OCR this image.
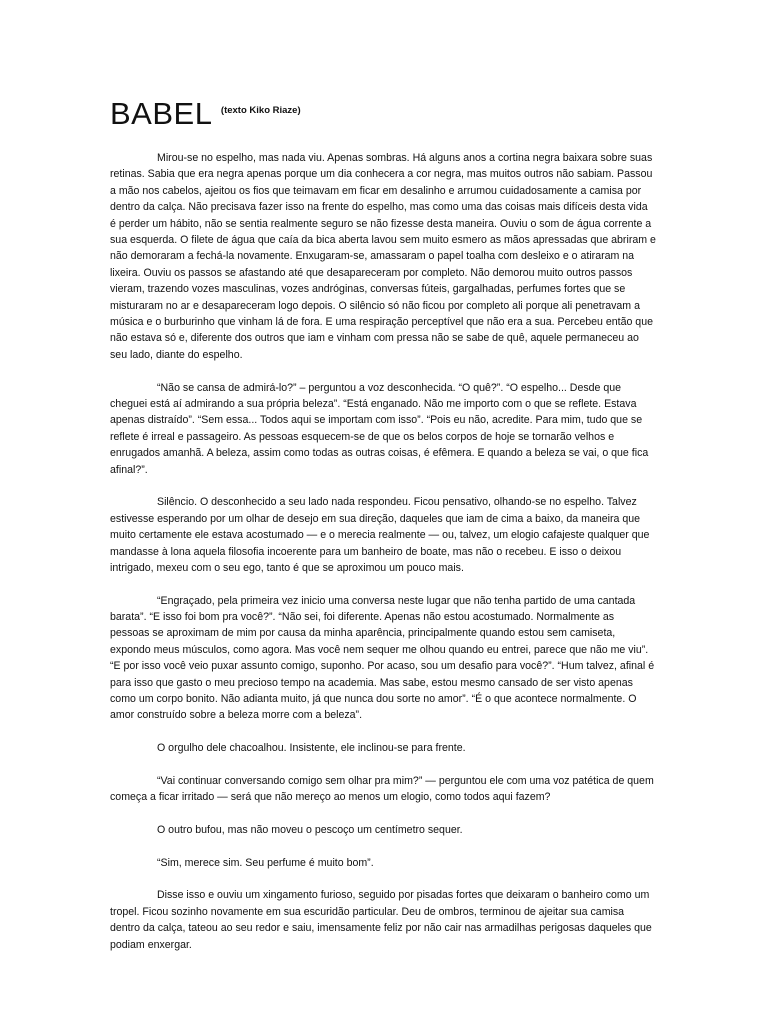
BABEL $^{(texto Kiko Riaze)}$

Mirou-se no espelho, mas nada viu. Apenas sombras. Há alguns anos a cortina negra baixara sobre suas retinas. Sabia que era negra apenas porque um dia conhecera a cor negra, mas muitos outros não sabiam. Passou a mão nos cabelos, ajeitou os fios que teimavam em ficar em desalinho e arrumou cuidadosamente a camisa por dentro da calça. Não precisava fazer isso na frente do espelho, mas como uma das coisas mais difíceis desta vida é perder um hábito, não se sentia realmente seguro se não fizesse desta maneira. Ouviu o som de água corrente a sua esquerda. O filete de água que caía da bica aberta lavou sem muito esmero as mãos apressadas que abriram e não demoraram a fechá-la novamente. Enxugaram-se, amassaram o papel toalha com desleixo e o atiraram na lixeira. Ouviu os passos se afastando até que desapareceram por completo. Não demorou muito outros passos vieram, trazendo vozes masculinas, vozes andróginas, conversas fúteis, gargalhadas, perfumes fortes que se misturaram no ar e desapareceram logo depois. O silêncio só não ficou por completo ali porque ali penetravam a música e o burburinho que vinham lá de fora. E uma respiração perceptível que não era a sua. Percebeu então que não estava só e, diferente dos outros que iam e vinham com pressa não se sabe de quê, aquele permaneceu ao seu lado, diante do espelho.

“Não se cansa de admirá-lo?” – perguntou a voz desconhecida. “O quê?”. “O espelho... Desde que cheguei está aí admirando a sua própria beleza”. “Está enganado. Não me importo com o que se reflete. Estava apenas distraído”. “Sem essa... Todos aqui se importam com isso”. “Pois eu não, acredite. Para mim, tudo que se reflete é irreal e passageiro. As pessoas esquecem-se de que os belos corpos de hoje se tornarão velhos e enrugados amanhã. A beleza, assim como todas as outras coisas, é efêmera. E quando a beleza se vai, o que fica afinal?”.

Silêncio. O desconhecido a seu lado nada respondeu. Ficou pensativo, olhando-se no espelho. Talvez estivesse esperando por um olhar de desejo em sua direção, daqueles que iam de cima a baixo, da maneira que muito certamente ele estava acostumado — e o merecia realmente — ou, talvez, um elogio cafajeste qualquer que mandasse à lona aquela filosofia incoerente para um banheiro de boate, mas não o recebeu. E isso o deixou intrigado, mexeu com o seu ego, tanto é que se aproximou um pouco mais.

“Engraçado, pela primeira vez inicio uma conversa neste lugar que não tenha partido de uma cantada barata”. “E isso foi bom pra você?”. “Não sei, foi diferente. Apenas não estou acostumado. Normalmente as pessoas se aproximam de mim por causa da minha aparência, principalmente quando estou sem camiseta, expondo meus músculos, como agora. Mas você nem sequer me olhou quando eu entrei, parece que não me viu”. “E por isso você veio puxar assunto comigo, suponho. Por acaso, sou um desafio para você?”. “Hum talvez, afinal é para isso que gasto o meu precioso tempo na academia. Mas sabe, estou mesmo cansado de ser visto apenas como um corpo bonito. Não adianta muito, já que nunca dou sorte no amor”. “É o que acontece normalmente. O amor construído sobre a beleza morre com a beleza”.

O orgulho dele chacoalhou. Insistente, ele inclinou-se para frente.

“Vai continuar conversando comigo sem olhar pra mim?” — perguntou ele com uma voz patética de quem começa a ficar irritado — será que não mereço ao menos um elogio, como todos aqui fazem?

O outro bufou, mas não moveu o pescoço um centímetro sequer.

“Sim, merece sim. Seu perfume é muito bom”.

Disse isso e ouviu um xingamento furioso, seguido por pisadas fortes que deixaram o banheiro como um tropel. Ficou sozinho novamente em sua escuridão particular. Deu de ombros, terminou de ajeitar sua camisa dentro da calça, tateou ao seu redor e saiu, imensamente feliz por não cair nas armadilhas perigosas daqueles que podiam enxergar.
